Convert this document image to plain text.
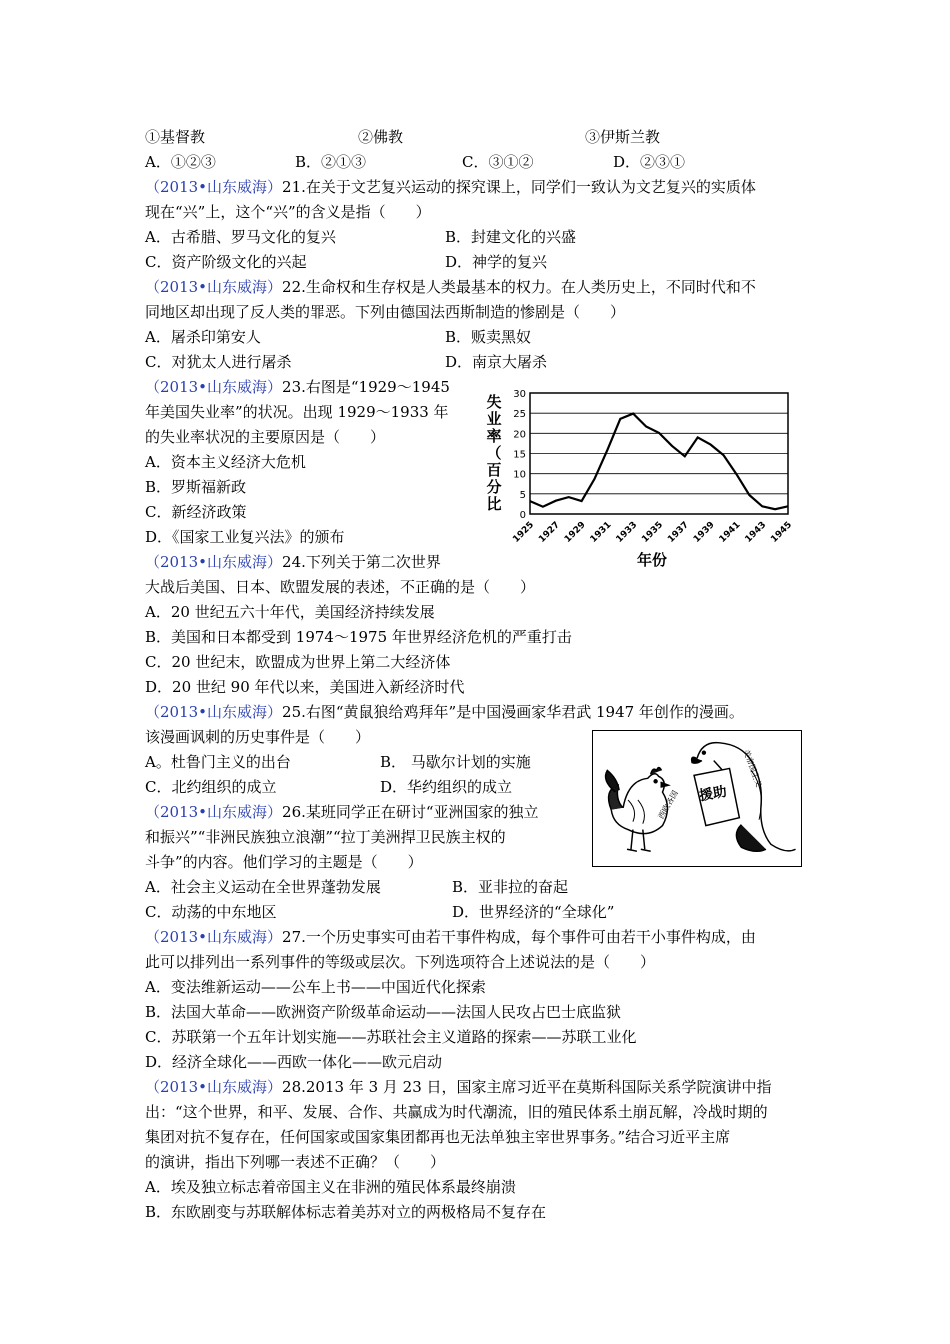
①基督教	②佛教	③伊斯兰教
A．①②③	B．②①③	C．③①②	D．②③①
（2013•山东威海）21.在关于文艺复兴运动的探究课上，同学们一致认为文艺复兴的实质体
现在“兴”上，这个“兴”的含义是指（　　）
A．古希腊、罗马文化的复兴	B．封建文化的兴盛
C．资产阶级文化的兴起	D．神学的复兴
（2013•山东威海）22.生命权和生存权是人类最基本的权力。在人类历史上，不同时代和不
同地区却出现了反人类的罪恶。下列由德国法西斯制造的惨剧是（　　）
A．屠杀印第安人	B．贩卖黑奴
C．对犹太人进行屠杀	D．南京大屠杀
（2013•山东威海）23.右图是“1929～1945
年美国失业率”的状况。出现 1929～1933 年
的失业率状况的主要原因是（　　）
A．资本主义经济大危机
B．罗斯福新政
C．新经济政策
D．《国家工业复兴法》的颁布
失
业
率
（
百
分
比
0
5
10
15
20
25
30
1925 1927 1929 1931 1933 1935 1937 1939 1941 1943 1945
年份
（2013•山东威海）24.下列关于第二次世界
大战后美国、日本、欧盟发展的表述，不正确的是（　　）
A．20 世纪五六十年代，美国经济持续发展
B．美国和日本都受到 1974～1975 年世界经济危机的严重打击
C．20 世纪末，欧盟成为世界上第二大经济体
D．20 世纪 90 年代以来，美国进入新经济时代
（2013•山东威海）25.右图“黄鼠狼给鸡拜年”是中国漫画家华君武 1947 年创作的漫画。
该漫画讽刺的历史事件是（　　）
A。杜鲁门主义的出台	B． 马歇尔计划的实施
C．北约组织的成立	D．华约组织的成立
西欧各国 援助
美帝国主义
（2013•山东威海）26.某班同学正在研讨“亚洲国家的独立
和振兴”“非洲民族独立浪潮”“拉丁美洲捍卫民族主权的
斗争”的内容。他们学习的主题是（　　）
A．社会主义运动在全世界蓬勃发展	B．亚非拉的奋起
C．动荡的中东地区	D．世界经济的“全球化”
（2013•山东威海）27.一个历史事实可由若干事件构成，每个事件可由若干小事件构成，由
此可以排列出一系列事件的等级或层次。下列选项符合上述说法的是（　　）
A．变法维新运动——公车上书——中国近代化探索
B．法国大革命——欧洲资产阶级革命运动——法国人民攻占巴士底监狱
C．苏联第一个五年计划实施——苏联社会主义道路的探索——苏联工业化
D．经济全球化——西欧一体化——欧元启动
（2013•山东威海）28.2013 年 3 月 23 日，国家主席习近平在莫斯科国际关系学院演讲中指
出：“这个世界，和平、发展、合作、共赢成为时代潮流，旧的殖民体系土崩瓦解，冷战时期的
集团对抗不复存在，任何国家或国家集团都再也无法单独主宰世界事务。”结合习近平主席
的演讲，指出下列哪一表述不正确？（　　）
A．埃及独立标志着帝国主义在非洲的殖民体系最终崩溃
B．东欧剧变与苏联解体标志着美苏对立的两极格局不复存在
